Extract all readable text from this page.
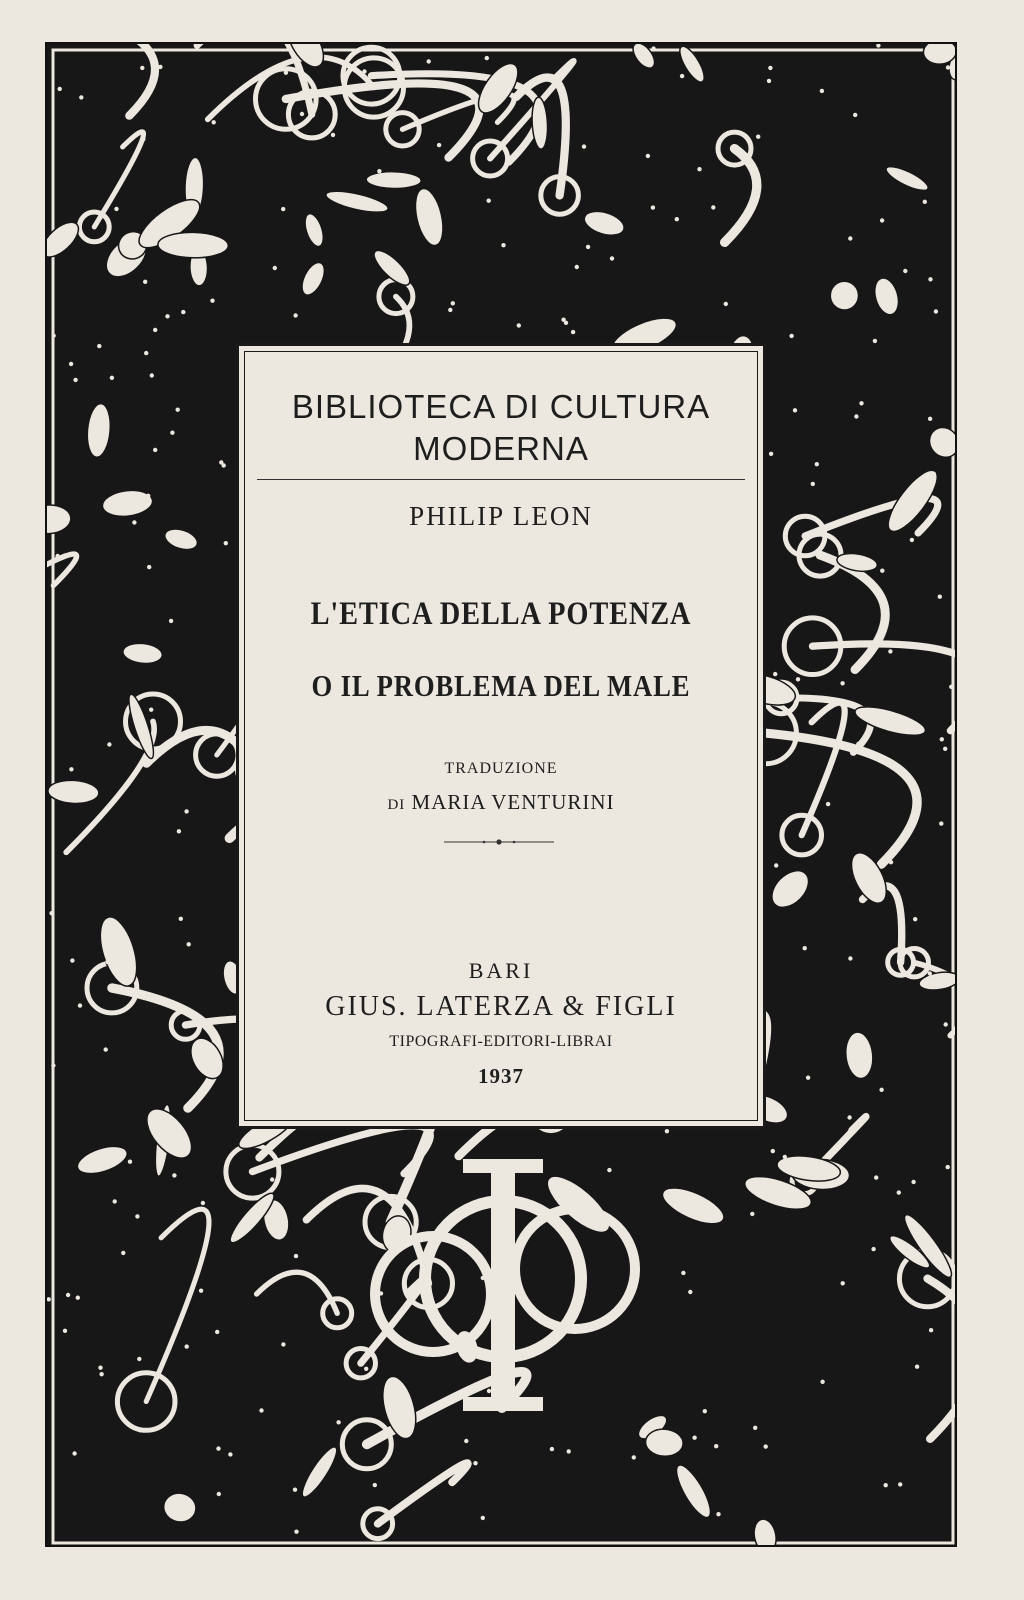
BIBLIOTECA DI CULTURA
MODERNA
PHILIP LEON
L'ETICA DELLA POTENZA
O IL PROBLEMA DEL MALE
TRADUZIONE
DI MARIA VENTURINI
BARI
GIUS. LATERZA & FIGLI
TIPOGRAFI-EDITORI-LIBRAI
1937
